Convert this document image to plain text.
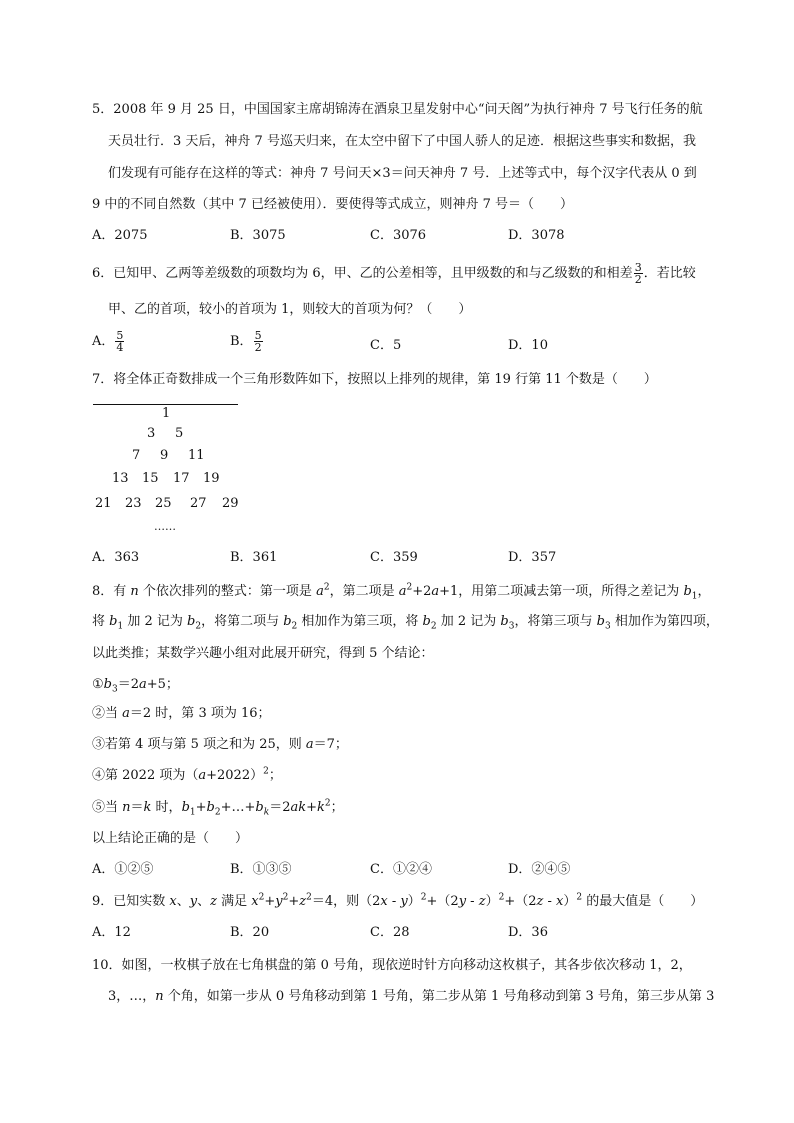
5．2008 年 9 月 25 日，中国国家主席胡锦涛在酒泉卫星发射中心“问天阁”为执行神舟 7 号飞行任务的航
天员壮行．3 天后，神舟 7 号巡天归来，在太空中留下了中国人骄人的足迹．根据这些事实和数据，我
们发现有可能存在这样的等式：神舟 7 号问天×3＝问天神舟 7 号．上述等式中，每个汉字代表从 0 到
9 中的不同自然数（其中 7 已经被使用）．要使得等式成立，则神舟 7 号＝（　　）
A．2075	B．3075	C．3076	D．3078
6．已知甲、乙两等差级数的项数均为 6，甲、乙的公差相等，且甲级数的和与乙级数的和相差 $\frac{3}{2}$ ．若比较
甲、乙的首项，较小的首项为 1，则较大的首项为何？（　　）
A． $\frac{5}{4}$	B． $\frac{5}{2}$	C．5	D．10
7．将全体正奇数排成一个三角形数阵如下，按照以上排列的规律，第 19 行第 11 个数是（　　）
1
3 5
7 9 11
13 15 17 19
21 23 25 27 29
……
A．363	B．361	C．359	D．357
8．有 n 个依次排列的整式：第一项是 $a^2$，第二项是 $a^2+2a+1$，用第二项减去第一项，所得之差记为 $b_1$，
将 $b_1$ 加 2 记为 $b_2$，将第二项与 $b_2$ 相加作为第三项，将 $b_2$ 加 2 记为 $b_3$，将第三项与 $b_3$ 相加作为第四项，
以此类推；某数学兴趣小组对此展开研究，得到 5 个结论：
$①b_3=2a+5$；
②当 a＝2 时，第 3 项为 16；
③若第 4 项与第 5 项之和为 25，则 a＝7；
④第 2022 项为$(a+2022)^2$；
⑤当 n＝k 时，$b_1+b_2+\dots+b_k=2ak+k^2$；
以上结论正确的是（　　）
A．①②⑤	B．①③⑤	C．①②④	D．②④⑤
9．已知实数 x、y、z 满足 $x^2+y^2+z^2=4$，则（2x - y）$^2$+（2y - z）$^2$+（2z - x）$^2$ 的最大值是（　　）
A．12	B．20	C．28	D．36
10．如图，一枚棋子放在七角棋盘的第 0 号角，现依逆时针方向移动这枚棋子，其各步依次移动 1，2，
3，…，n 个角，如第一步从 0 号角移动到第 1 号角，第二步从第 1 号角移动到第 3 号角，第三步从第 3
